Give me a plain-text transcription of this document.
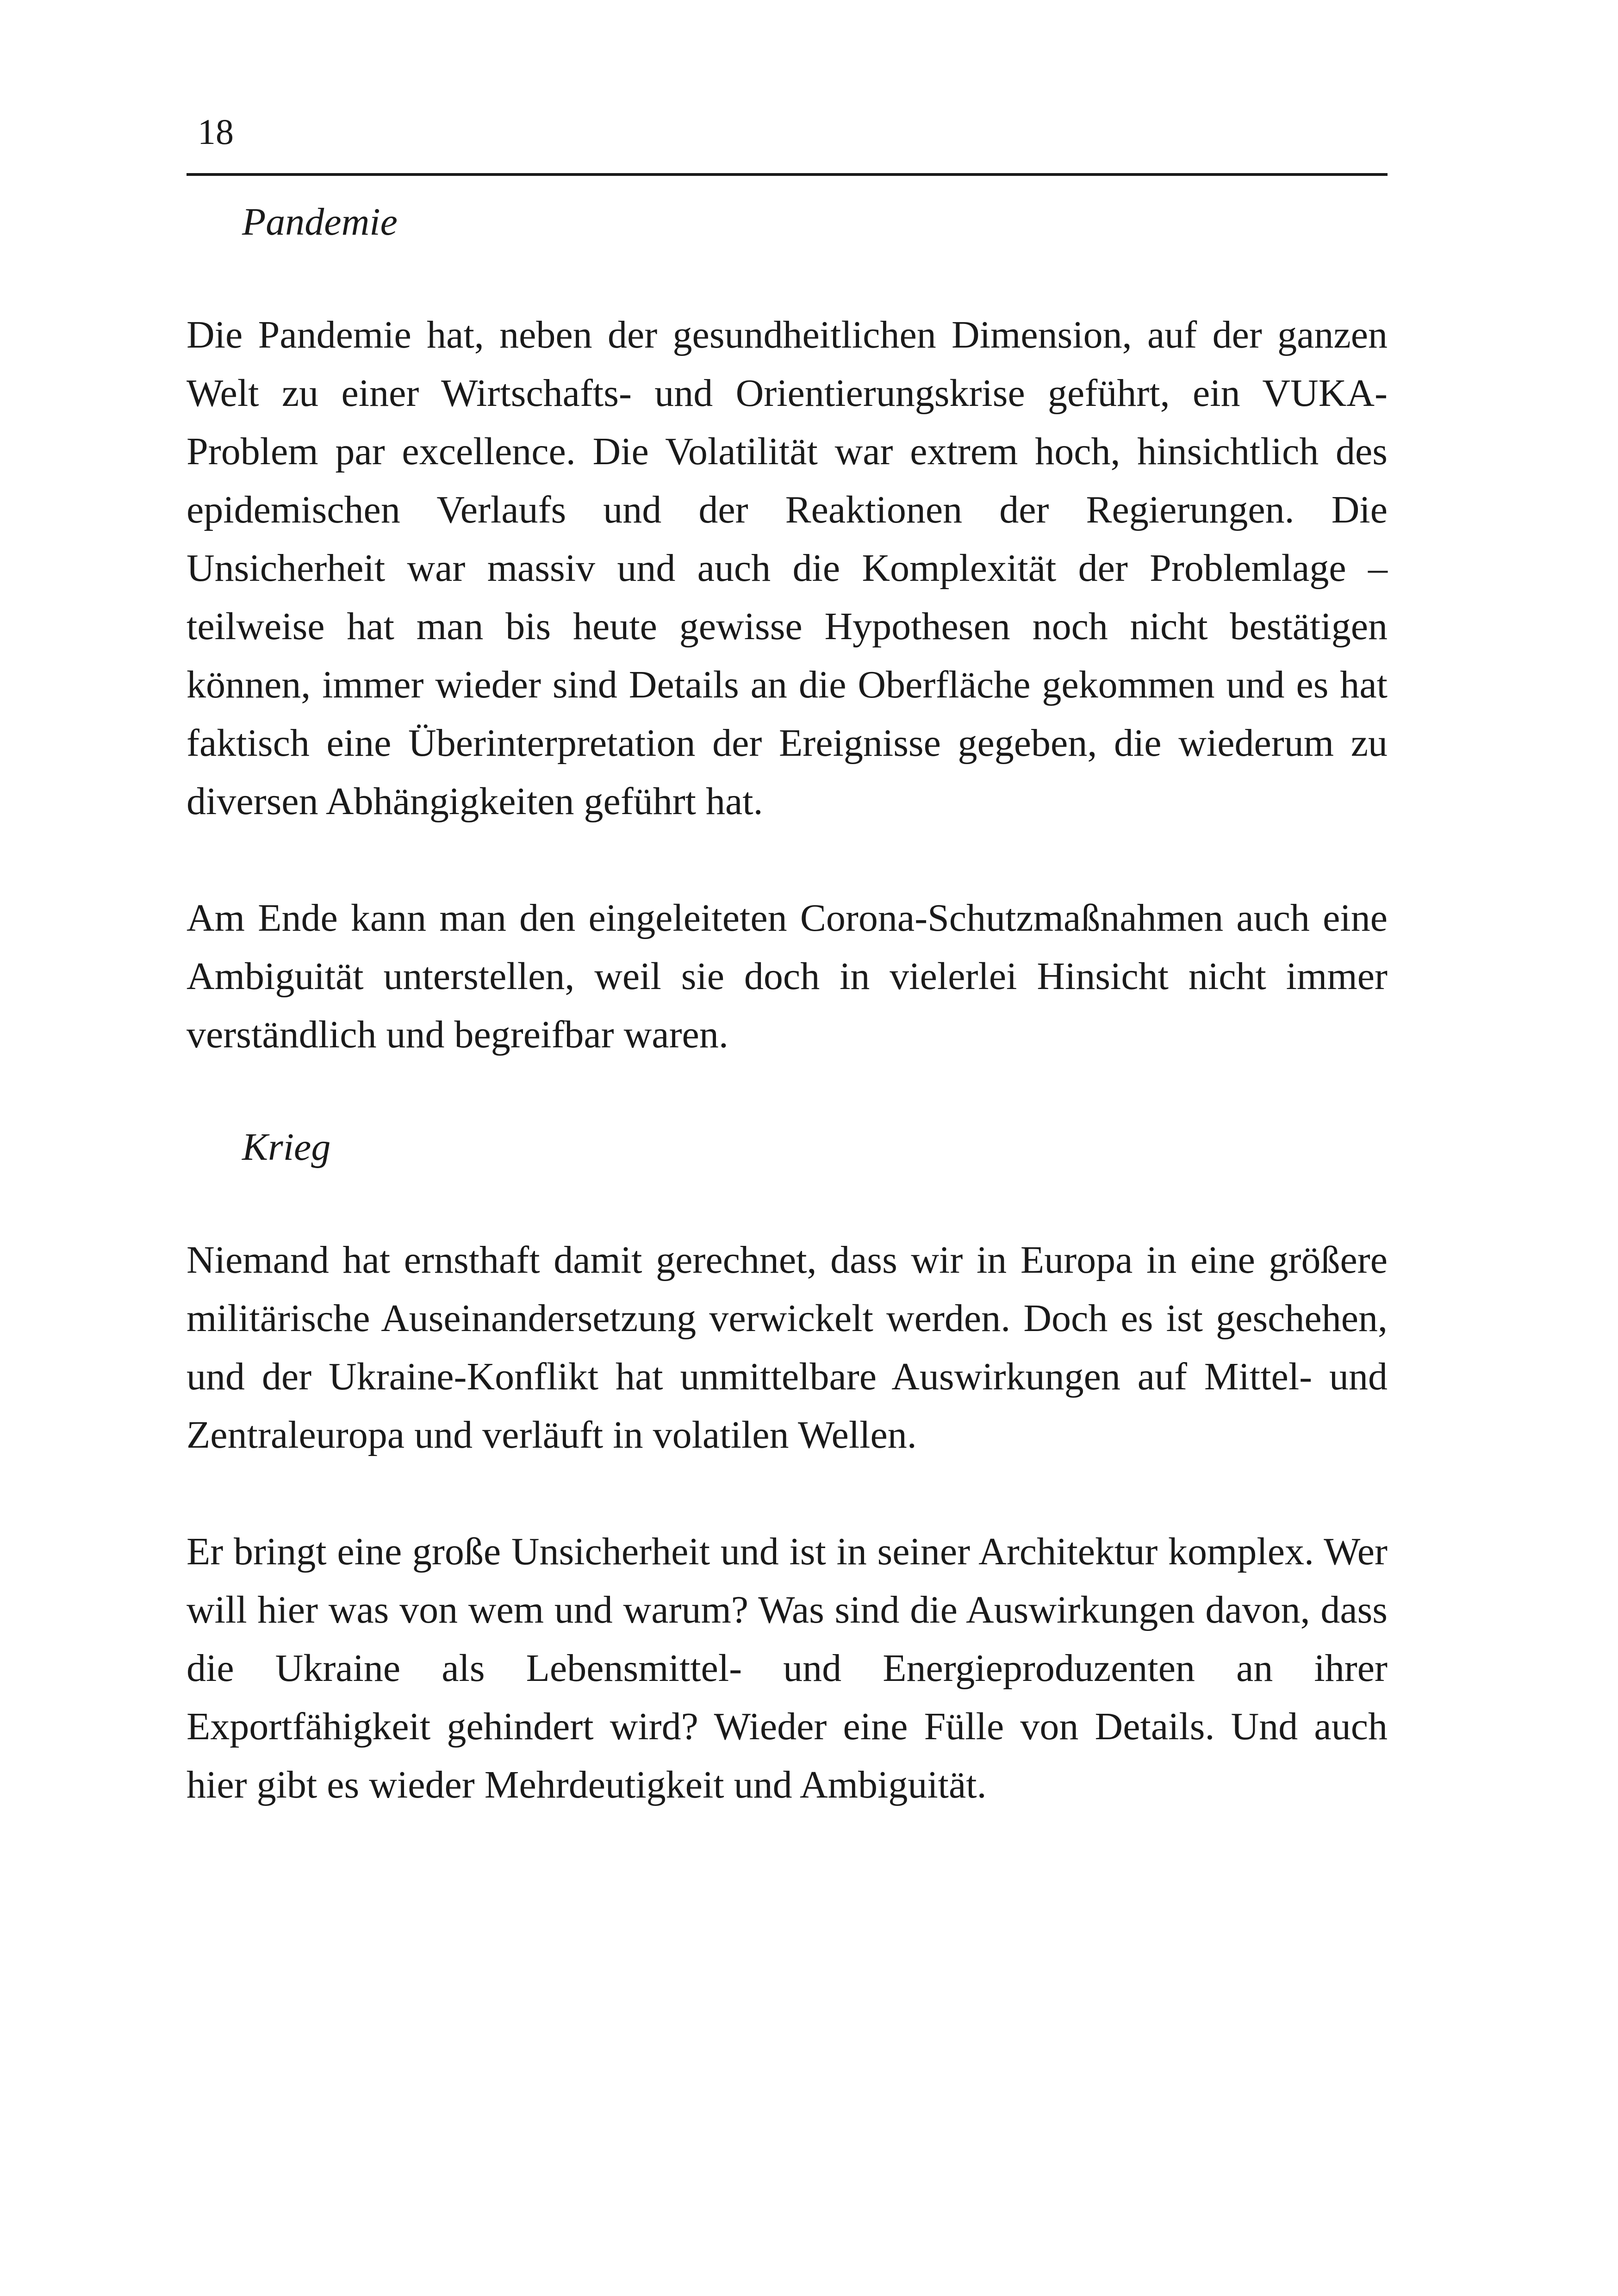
18
Pandemie

Die Pandemie hat, neben der gesundheitlichen Dimension, auf der ganzen Welt zu einer Wirtschafts- und Orientierungskrise geführt, ein VUKA-Problem par excellence. Die Volatilität war extrem hoch, hinsichtlich des epidemischen Verlaufs und der Reaktionen der Regierungen. Die Unsicherheit war massiv und auch die Komplexität der Problemlage – teilweise hat man bis heute gewisse Hypothesen noch nicht bestätigen können, immer wieder sind Details an die Oberfläche gekommen und es hat faktisch eine Überinterpretation der Ereignisse gegeben, die wiederum zu diversen Abhängigkeiten geführt hat.

Am Ende kann man den eingeleiteten Corona-Schutzmaßnahmen auch eine Ambiguität unterstellen, weil sie doch in vielerlei Hinsicht nicht immer verständlich und begreifbar waren.

Krieg

Niemand hat ernsthaft damit gerechnet, dass wir in Europa in eine größere militärische Auseinandersetzung verwickelt werden. Doch es ist geschehen, und der Ukraine-Konflikt hat unmittelbare Auswirkungen auf Mittel- und Zentraleuropa und verläuft in volatilen Wellen.

Er bringt eine große Unsicherheit und ist in seiner Architektur komplex. Wer will hier was von wem und warum? Was sind die Auswirkungen davon, dass die Ukraine als Lebensmittel- und Energieproduzenten an ihrer Exportfähigkeit gehindert wird? Wieder eine Fülle von Details. Und auch hier gibt es wieder Mehrdeutigkeit und Ambiguität.
